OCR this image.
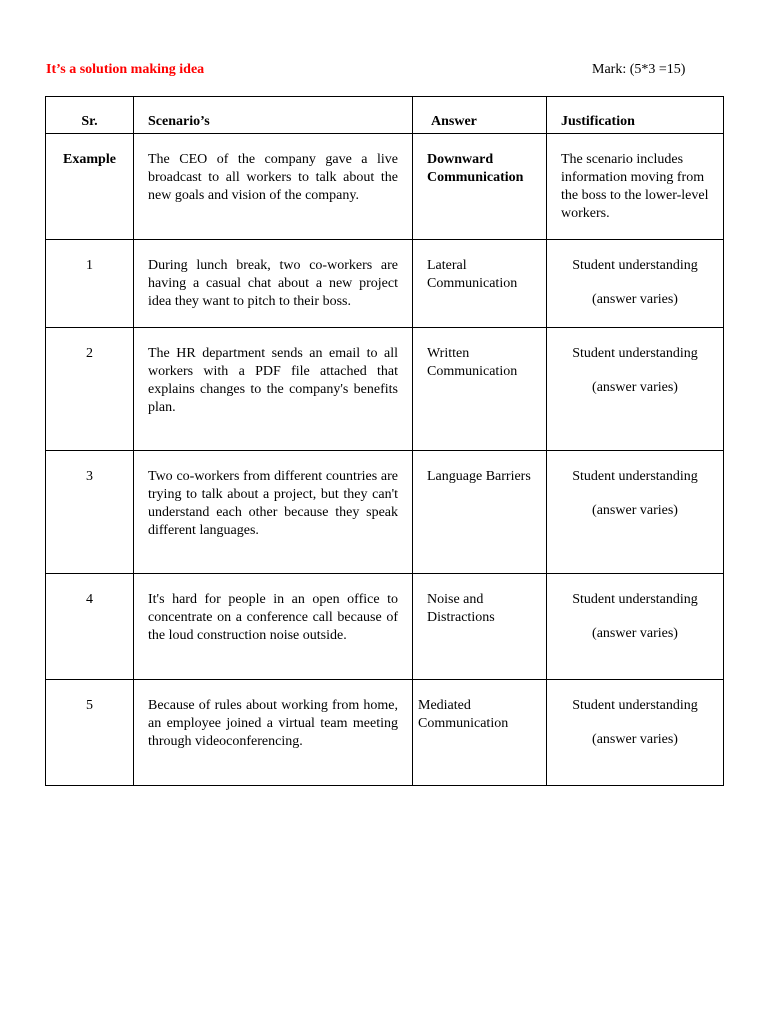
It’s a solution making idea	Mark: (5*3 =15)
Sr.	Scenario’s	Answer	Justification

Example	The CEO of the company gave a live broadcast to all workers to talk about the new goals and vision of the company.	Downward Communication	The scenario includes information moving from the boss to the lower-level workers.

1	During lunch break, two co-workers are having a casual chat about a new project idea they want to pitch to their boss.	Lateral Communication	Student understanding
(answer varies)

2	The HR department sends an email to all workers with a PDF file attached that explains changes to the company's benefits plan.	Written Communication	Student understanding
(answer varies)

3	Two co-workers from different countries are trying to talk about a project, but they can't understand each other because they speak different languages.	Language Barriers	Student understanding
(answer varies)

4	It's hard for people in an open office to concentrate on a conference call because of the loud construction noise outside.	Noise and Distractions	Student understanding
(answer varies)

5	Because of rules about working from home, an employee joined a virtual team meeting through videoconferencing.	Mediated Communication	Student understanding
(answer varies)
